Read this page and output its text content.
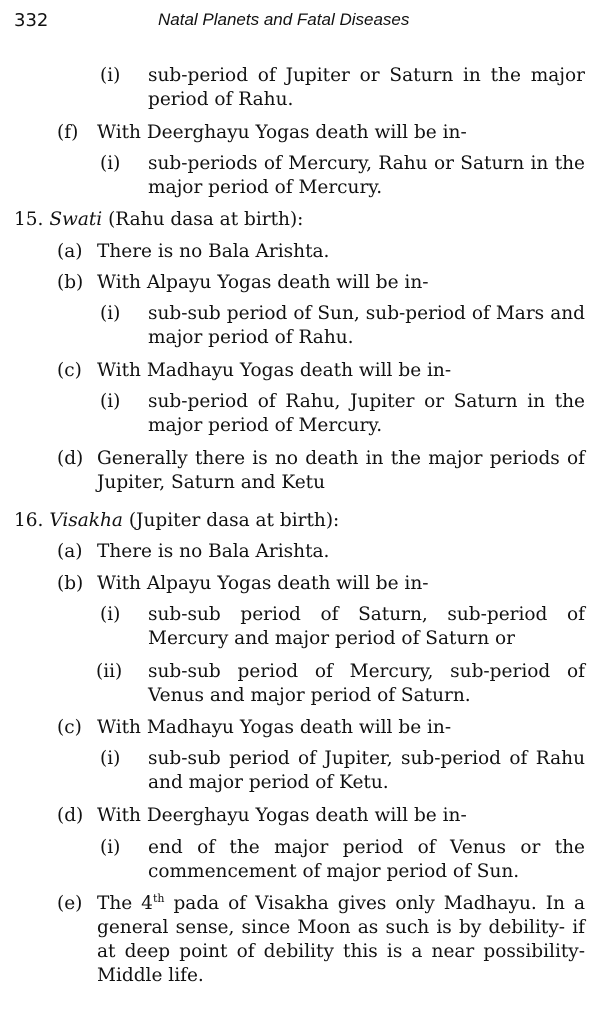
332	Natal Planets and Fatal Diseases
(i) sub-period of Jupiter or Saturn in the major period of Rahu.
(f) With Deerghayu Yogas death will be in-
(i) sub-periods of Mercury, Rahu or Saturn in the major period of Mercury.
15. Swati (Rahu dasa at birth):
(a) There is no Bala Arishta.
(b) With Alpayu Yogas death will be in-
(i) sub-sub period of Sun, sub-period of Mars and major period of Rahu.
(c) With Madhayu Yogas death will be in-
(i) sub-period of Rahu, Jupiter or Saturn in the major period of Mercury.
(d) Generally there is no death in the major periods of Jupiter, Saturn and Ketu
16. Visakha (Jupiter dasa at birth):
(a) There is no Bala Arishta.
(b) With Alpayu Yogas death will be in-
(i) sub-sub period of Saturn, sub-period of Mercury and major period of Saturn or
(ii) sub-sub period of Mercury, sub-period of Venus and major period of Saturn.
(c) With Madhayu Yogas death will be in-
(i) sub-sub period of Jupiter, sub-period of Rahu and major period of Ketu.
(d) With Deerghayu Yogas death will be in-
(i) end of the major period of Venus or the commencement of major period of Sun.
(e) The 4th pada of Visakha gives only Madhayu. In a general sense, since Moon as such is by debility- if at deep point of debility this is a near possibility-Middle life.
